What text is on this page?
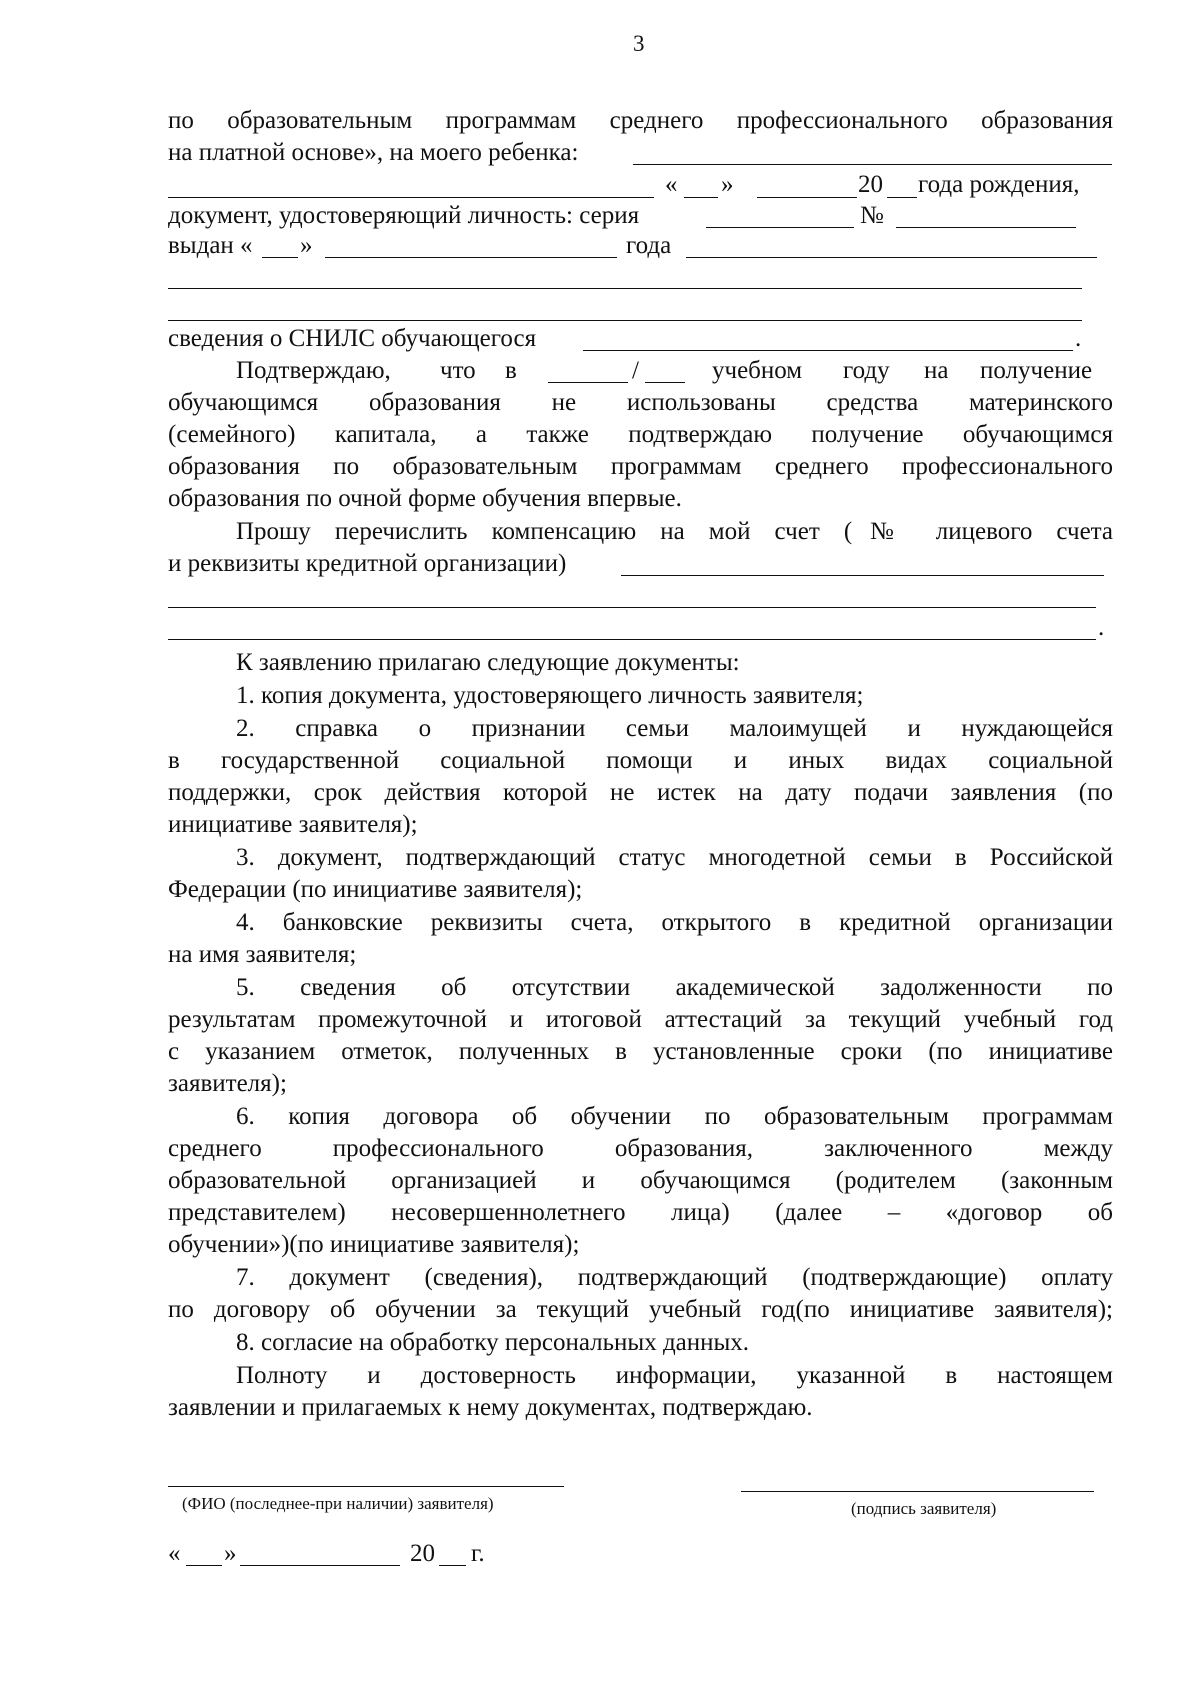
3
по образовательным программам среднего профессионального образования
на платной основе», на моего ребенка:
« »	20 года рождения,
документ, удостоверяющий личность: серия	№
выдан « »	года
сведения о СНИЛС обучающегося	.
Подтверждаю, что в	/	учебном году на получение
обучающимся образования не использованы средства материнского
(семейного) капитала, а также подтверждаю получение обучающимся
образования по образовательным программам среднего профессионального
образования по очной форме обучения впервые.
Прошу перечислить компенсацию на мой счет (№ лицевого счета
и реквизиты кредитной организации)
.
К заявлению прилагаю следующие документы:
1. копия документа, удостоверяющего личность заявителя;
2. справка о признании семьи малоимущей и нуждающейся
в государственной социальной помощи и иных видах социальной
поддержки, срок действия которой не истек на дату подачи заявления (по
инициативе заявителя);
3. документ, подтверждающий статус многодетной семьи в Российской
Федерации (по инициативе заявителя);
4. банковские реквизиты счета, открытого в кредитной организации
на имя заявителя;
5. сведения об отсутствии академической задолженности по
результатам промежуточной и итоговой аттестаций за текущий учебный год
с указанием отметок, полученных в установленные сроки (по инициативе
заявителя);
6. копия договора об обучении по образовательным программам
среднего профессионального образования, заключенного между
образовательной организацией и обучающимся (родителем (законным
представителем) несовершеннолетнего лица) (далее – «договор об
обучении»)(по инициативе заявителя);
7. документ (сведения), подтверждающий (подтверждающие) оплату
по договору об обучении за текущий учебный год(по инициативе заявителя);
8. согласие на обработку персональных данных.
Полноту и достоверность информации, указанной в настоящем
заявлении и прилагаемых к нему документах, подтверждаю.
(ФИО (последнее-при наличии) заявителя)	(подпись заявителя)
« »	20 г.
